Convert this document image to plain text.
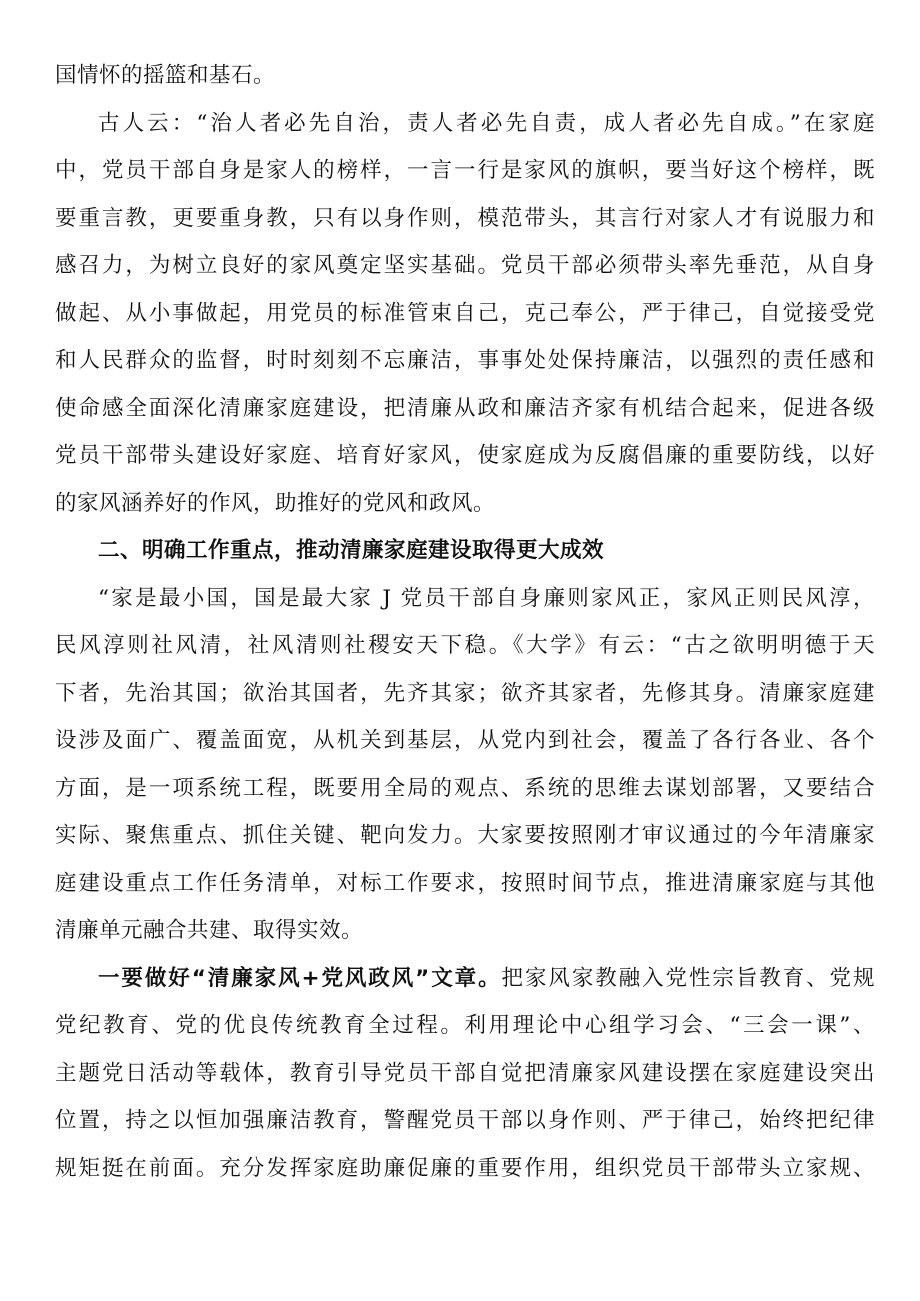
国情怀的摇篮和基石。
古人云：“治人者必先自治，责人者必先自责，成人者必先自成。”在家庭
中，党员干部自身是家人的榜样，一言一行是家风的旗帜，要当好这个榜样，既
要重言教，更要重身教，只有以身作则，模范带头，其言行对家人才有说服力和
感召力，为树立良好的家风奠定坚实基础。党员干部必须带头率先垂范，从自身
做起、从小事做起，用党员的标准管束自己，克己奉公，严于律己，自觉接受党
和人民群众的监督，时时刻刻不忘廉洁，事事处处保持廉洁，以强烈的责任感和
使命感全面深化清廉家庭建设，把清廉从政和廉洁齐家有机结合起来，促进各级
党员干部带头建设好家庭、培育好家风，使家庭成为反腐倡廉的重要防线，以好
的家风涵养好的作风，助推好的党风和政风。
二、明确工作重点，推动清廉家庭建设取得更大成效
“家是最小国，国是最大家 J 党员干部自身廉则家风正，家风正则民风淳，
民风淳则社风清，社风清则社稷安天下稳。《大学》有云：“古之欲明明德于天
下者，先治其国；欲治其国者，先齐其家；欲齐其家者，先修其身。清廉家庭建
设涉及面广、覆盖面宽，从机关到基层，从党内到社会，覆盖了各行各业、各个
方面，是一项系统工程，既要用全局的观点、系统的思维去谋划部署，又要结合
实际、聚焦重点、抓住关键、靶向发力。大家要按照刚才审议通过的今年清廉家
庭建设重点工作任务清单，对标工作要求，按照时间节点，推进清廉家庭与其他
清廉单元融合共建、取得实效。
一要做好“清廉家风+党风政风”文章。把家风家教融入党性宗旨教育、党规
党纪教育、党的优良传统教育全过程。利用理论中心组学习会、“三会一课”、
主题党日活动等载体，教育引导党员干部自觉把清廉家风建设摆在家庭建设突出
位置，持之以恒加强廉洁教育，警醒党员干部以身作则、严于律己，始终把纪律
规矩挺在前面。充分发挥家庭助廉促廉的重要作用，组织党员干部带头立家规、
